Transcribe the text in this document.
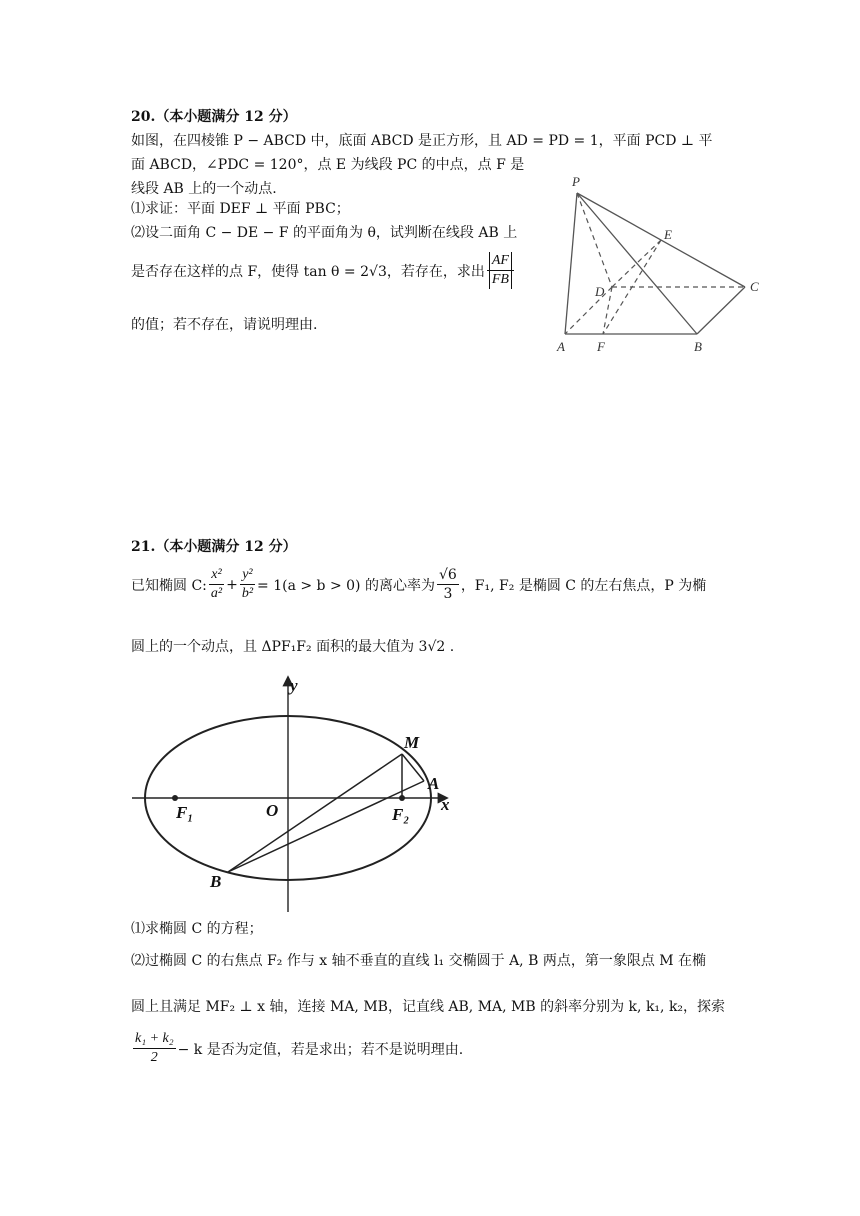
20.（本小题满分 12 分）
如图，在四棱锥 P − ABCD 中，底面 ABCD 是正方形，且 AD = PD = 1，平面 PCD ⊥ 平
面 ABCD，∠PDC = 120°，点 E 为线段 PC 的中点，点 F 是
线段 AB 上的一个动点.
⑴求证：平面 DEF ⊥ 平面 PBC；
⑵设二面角 C − DE − F 的平面角为 θ，试判断在线段 AB 上
是否存在这样的点 F，使得 tan θ = 2√3，若存在，求出 $\frac{AF}{FB}$
的值；若不存在，请说明理由.
P
E
D	C
A F	B
21.（本小题满分 12 分）
已知椭圆 C: $\frac{\text{x²}}{\text{a²}} + \frac{\text{y²}}{\text{b²}} = 1(a > b > 0)$ 的离心率为 $\frac{√6}{3}$ ，F₁, F₂ 是椭圆 C 的左右焦点，P 为椭
圆上的一个动点，且 ΔPF₁F₂ 面积的最大值为 3√2 .
y
x
M
A
F₁	O	F₂
B
⑴求椭圆 C 的方程；
⑵过椭圆 C 的右焦点 F₂ 作与 x 轴不垂直的直线 l₁ 交椭圆于 A, B 两点，第一象限点 M 在椭
圆上且满足 MF₂ ⊥ x 轴，连接 MA, MB，记直线 AB, MA, MB 的斜率分别为 k, k₁, k₂，探索
$\frac{\text{k₁ + k₂}}{2} - k$ 是否为定值，若是求出；若不是说明理由.
